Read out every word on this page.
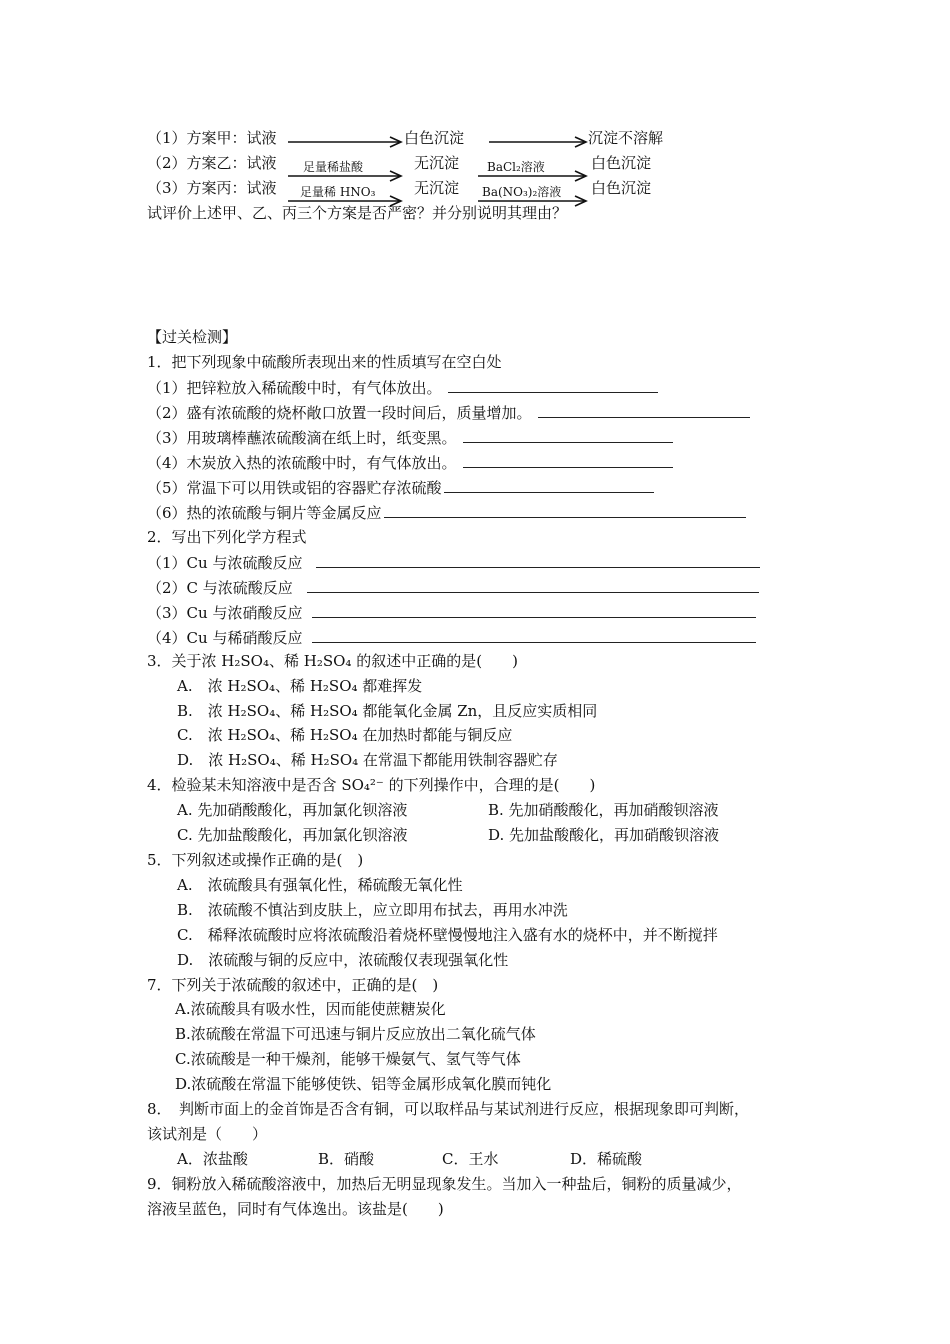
（1）方案甲：试液	白色沉淀	沉淀不溶解
（2）方案乙：试液 足量稀盐酸	无沉淀 BaCl₂溶液	白色沉淀
（3）方案丙：试液 足量稀 HNO₃	无沉淀 Ba(NO₃)₂溶液 白色沉淀
试评价上述甲、乙、丙三个方案是否严密？并分别说明其理由？
【过关检测】
1．把下列现象中硫酸所表现出来的性质填写在空白处
（1）把锌粒放入稀硫酸中时，有气体放出。
（2）盛有浓硫酸的烧杯敞口放置一段时间后，质量增加。
（3）用玻璃棒蘸浓硫酸滴在纸上时，纸变黑。
（4）木炭放入热的浓硫酸中时，有气体放出。
（5）常温下可以用铁或铝的容器贮存浓硫酸
（6）热的浓硫酸与铜片等金属反应
2．写出下列化学方程式
（1）Cu 与浓硫酸反应
（2）C 与浓硫酸反应
（3）Cu 与浓硝酸反应
（4）Cu 与稀硝酸反应
3．关于浓 H₂SO₄、稀 H₂SO₄ 的叙述中正确的是(　　)
A.　浓 H₂SO₄、稀 H₂SO₄ 都难挥发
B.　浓 H₂SO₄、稀 H₂SO₄ 都能氧化金属 Zn，且反应实质相同
C.　浓 H₂SO₄、稀 H₂SO₄ 在加热时都能与铜反应
D.　浓 H₂SO₄、稀 H₂SO₄ 在常温下都能用铁制容器贮存
4．检验某未知溶液中是否含 SO₄²⁻ 的下列操作中，合理的是(　　)
A. 先加硝酸酸化，再加氯化钡溶液	B. 先加硝酸酸化，再加硝酸钡溶液
C. 先加盐酸酸化，再加氯化钡溶液	D. 先加盐酸酸化，再加硝酸钡溶液
5．下列叙述或操作正确的是(　)
A.　浓硫酸具有强氧化性，稀硫酸无氧化性
B.　浓硫酸不慎沾到皮肤上，应立即用布拭去，再用水冲洗
C.　稀释浓硫酸时应将浓硫酸沿着烧杯壁慢慢地注入盛有水的烧杯中，并不断搅拌
D.　浓硫酸与铜的反应中，浓硫酸仅表现强氧化性
7．下列关于浓硫酸的叙述中，正确的是(　)
A.浓硫酸具有吸水性，因而能使蔗糖炭化
B.浓硫酸在常温下可迅速与铜片反应放出二氧化硫气体
C.浓硫酸是一种干燥剂，能够干燥氨气、氢气等气体
D.浓硫酸在常温下能够使铁、铝等金属形成氧化膜而钝化
8．　判断市面上的金首饰是否含有铜，可以取样品与某试剂进行反应，根据现象即可判断，
该试剂是（　　）
A．浓盐酸	B．硝酸	C．王水	D．稀硫酸
9．铜粉放入稀硫酸溶液中，加热后无明显现象发生。当加入一种盐后，铜粉的质量减少，
溶液呈蓝色，同时有气体逸出。该盐是(　　)
